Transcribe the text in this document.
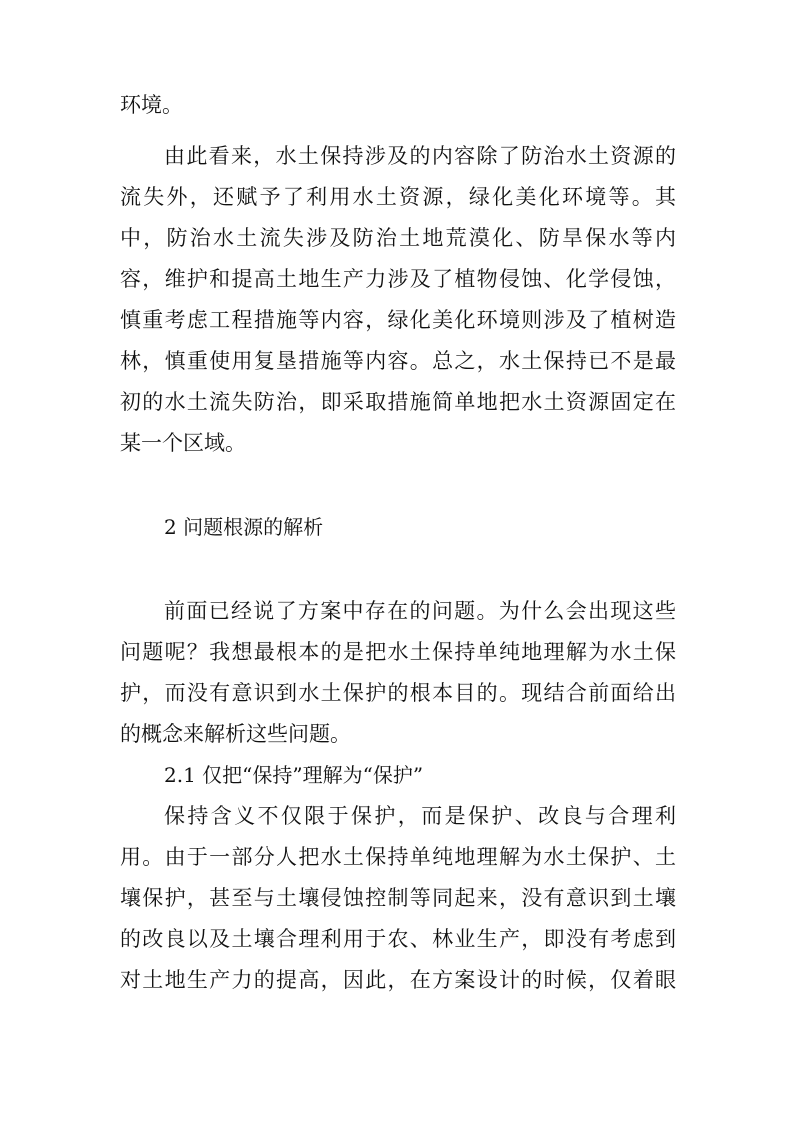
环境。
由此看来，水土保持涉及的内容除了防治水土资源的
流失外，还赋予了利用水土资源，绿化美化环境等。其
中，防治水土流失涉及防治土地荒漠化、防旱保水等内
容，维护和提高土地生产力涉及了植物侵蚀、化学侵蚀，
慎重考虑工程措施等内容，绿化美化环境则涉及了植树造
林，慎重使用复垦措施等内容。总之，水土保持已不是最
初的水土流失防治，即采取措施简单地把水土资源固定在
某一个区域。
2 问题根源的解析
前面已经说了方案中存在的问题。为什么会出现这些
问题呢？我想最根本的是把水土保持单纯地理解为水土保
护，而没有意识到水土保护的根本目的。现结合前面给出
的概念来解析这些问题。
2.1 仅把“保持”理解为“保护”
保持含义不仅限于保护，而是保护、改良与合理利
用。由于一部分人把水土保持单纯地理解为水土保护、土
壤保护，甚至与土壤侵蚀控制等同起来，没有意识到土壤
的改良以及土壤合理利用于农、林业生产，即没有考虑到
对土地生产力的提高，因此，在方案设计的时候，仅着眼
